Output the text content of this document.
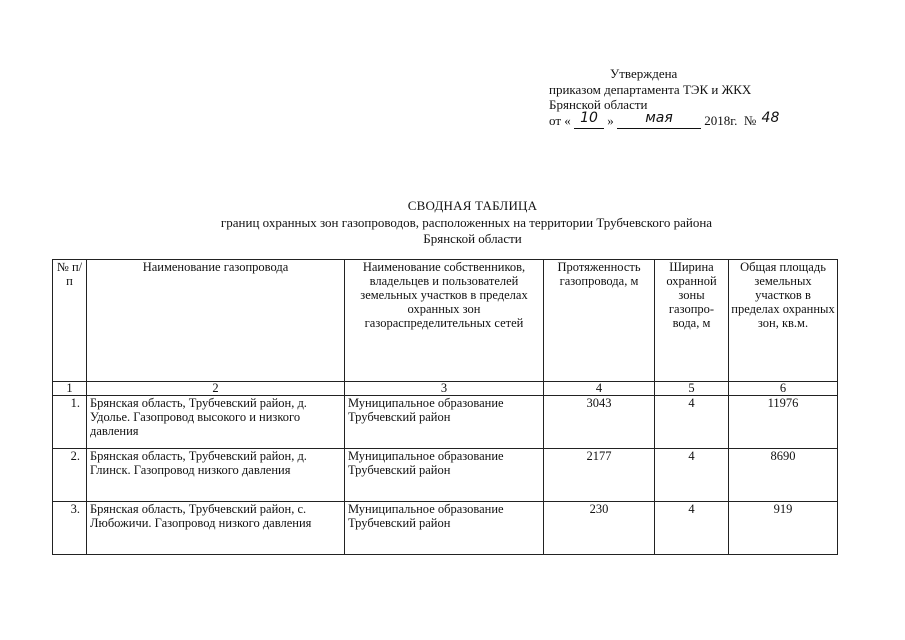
Утверждена
приказом департамента ТЭК и ЖКХ
Брянской области
от « 10 » мая 2018г. № 48
СВОДНАЯ ТАБЛИЦА
границ охранных зон газопроводов, расположенных на территории Трубчевского района
Брянской области
№ п/п	Наименование газопровода	Наименование собственников, владельцев и пользователей земельных участков в пределах охранных зон газораспределительных сетей	Протяженность газопровода, м	Ширина охранной зоны газопро-вода, м	Общая площадь земельных участков в пределах охранных зон, кв.м.
1	2	3	4	5	6
1.	Брянская область, Трубчевский район, д. Удолье. Газопровод высокого и низкого давления	Муниципальное образование Трубчевский район	3043	4	11976
2.	Брянская область, Трубчевский район, д. Глинск. Газопровод низкого давления	Муниципальное образование Трубчевский район	2177	4	8690
3.	Брянская область, Трубчевский район, с. Любожичи. Газопровод низкого давления	Муниципальное образование Трубчевский район	230	4	919
